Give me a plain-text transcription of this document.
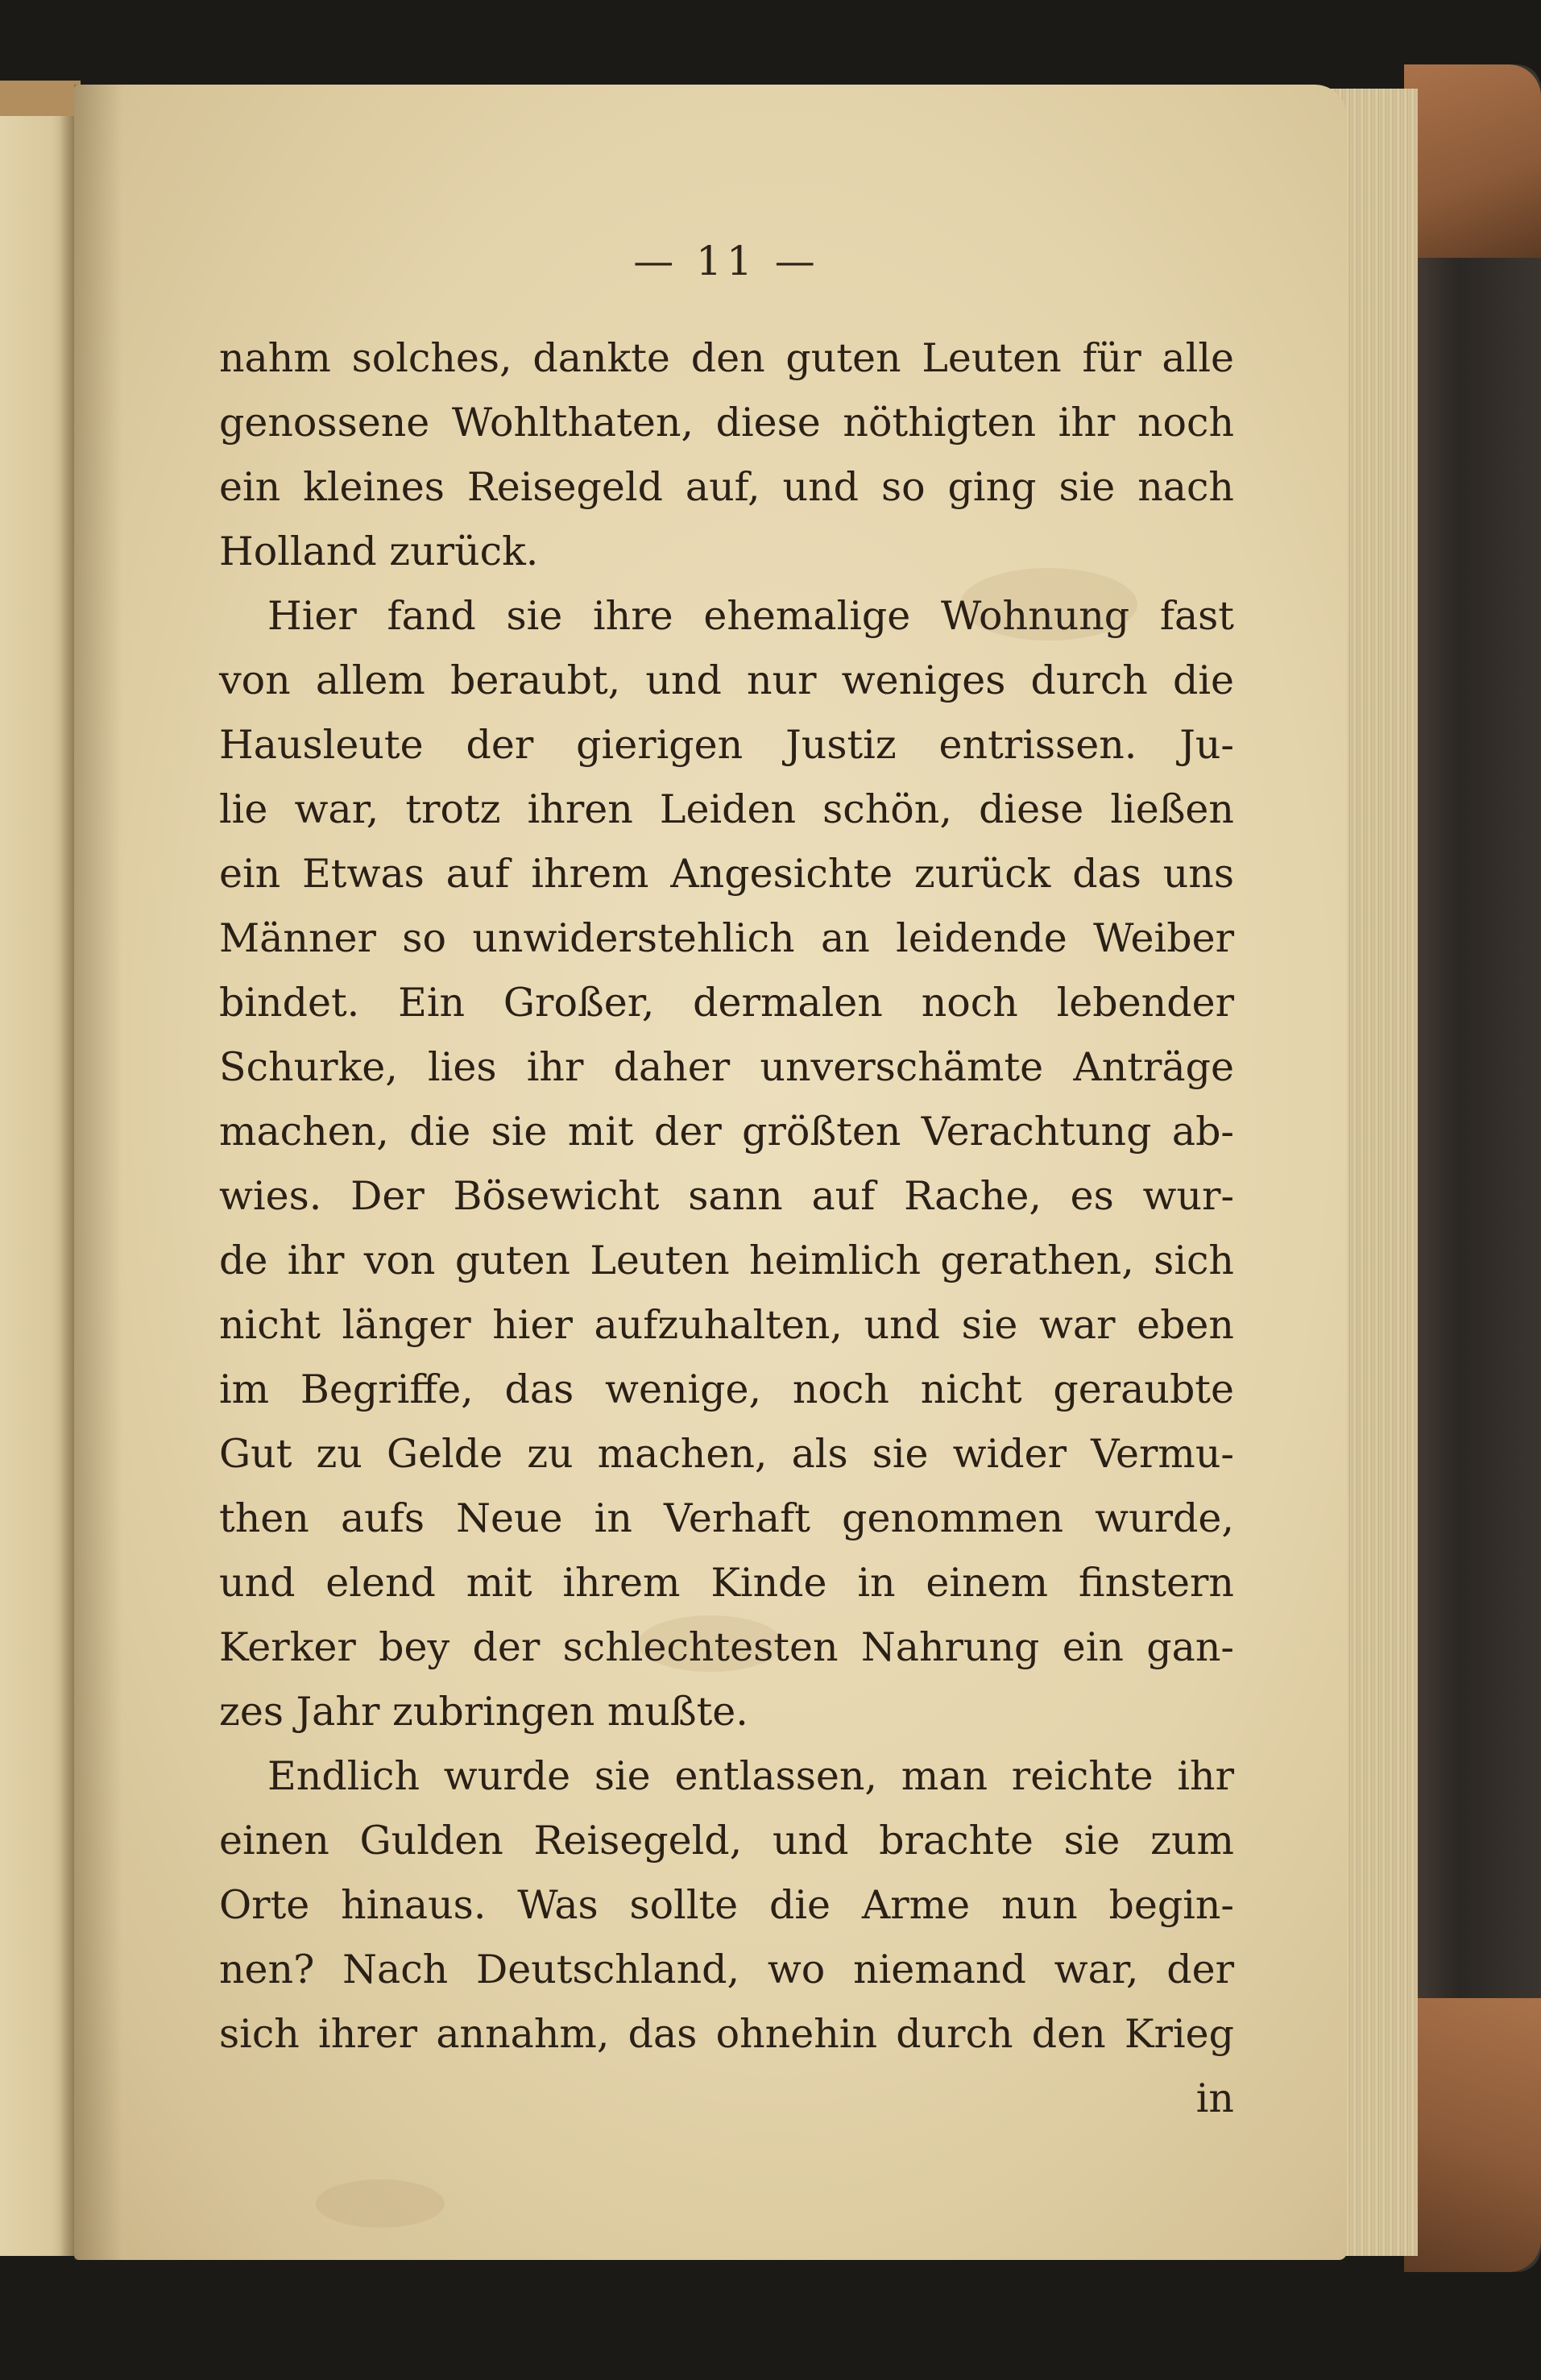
— 11 —
nahm solches, dankte den guten Leuten für alle
genossene Wohlthaten, diese nöthigten ihr noch
ein kleines Reisegeld auf, und so ging sie nach
Holland zurück.
Hier fand sie ihre ehemalige Wohnung fast
von allem beraubt, und nur weniges durch die
Hausleute der gierigen Justiz entrissen. Ju-
lie war, trotz ihren Leiden schön, diese ließen
ein Etwas auf ihrem Angesichte zurück das uns
Männer so unwiderstehlich an leidende Weiber
bindet. Ein Großer, dermalen noch lebender
Schurke, lies ihr daher unverschämte Anträge
machen, die sie mit der größten Verachtung ab-
wies. Der Bösewicht sann auf Rache, es wur-
de ihr von guten Leuten heimlich gerathen, sich
nicht länger hier aufzuhalten, und sie war eben
im Begriffe, das wenige, noch nicht geraubte
Gut zu Gelde zu machen, als sie wider Vermu-
then aufs Neue in Verhaft genommen wurde,
und elend mit ihrem Kinde in einem finstern
Kerker bey der schlechtesten Nahrung ein gan-
zes Jahr zubringen mußte.
Endlich wurde sie entlassen, man reichte ihr
einen Gulden Reisegeld, und brachte sie zum
Orte hinaus. Was sollte die Arme nun begin-
nen? Nach Deutschland, wo niemand war, der
sich ihrer annahm, das ohnehin durch den Krieg
in
